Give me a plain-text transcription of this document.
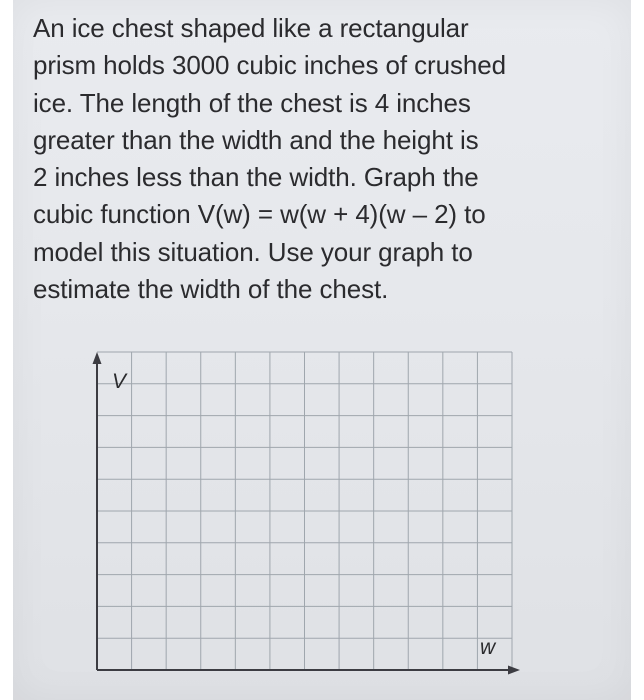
An ice chest shaped like a rectangular
prism holds 3000 cubic inches of crushed
ice. The length of the chest is 4 inches
greater than the width and the height is
2 inches less than the width. Graph the
cubic function V(w) = w(w + 4)(w – 2) to
model this situation. Use your graph to
estimate the width of the chest.
V
w
